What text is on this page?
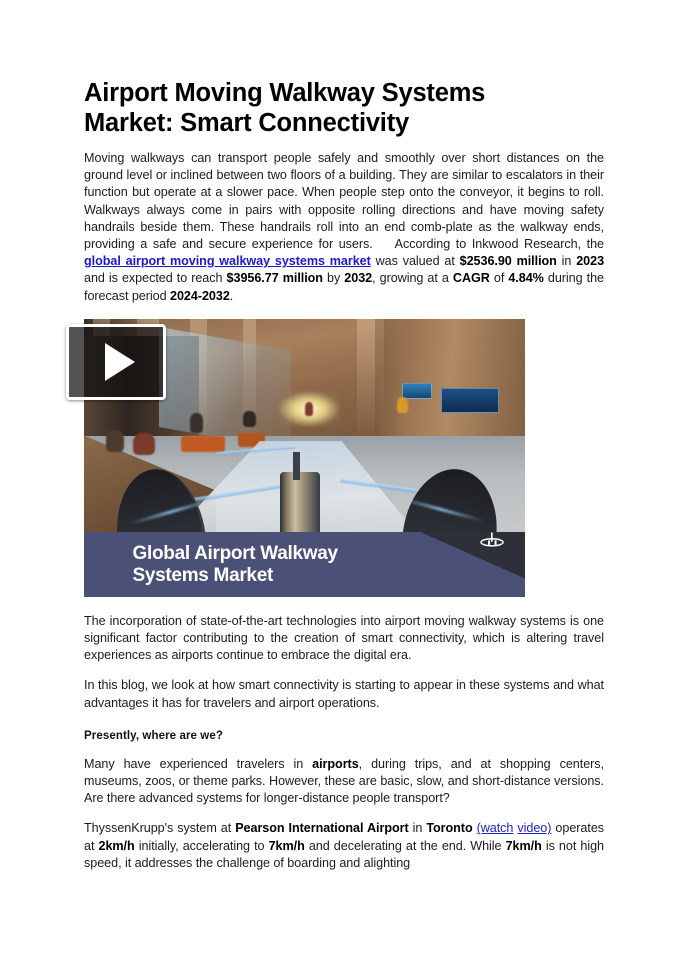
Airport Moving Walkway Systems
Market: Smart Connectivity

Moving walkways can transport people safely and smoothly over short distances on the ground level or inclined between two floors of a building. They are similar to escalators in their function but operate at a slower pace. When people step onto the conveyor, it begins to roll. Walkways always come in pairs with opposite rolling directions and have moving safety handrails beside them. These handrails roll into an end comb-plate as the walkway ends, providing a safe and secure experience for users. According to Inkwood Research, the global airport moving walkway systems market was valued at $2536.90 million in 2023 and is expected to reach $3956.77 million by 2032, growing at a CAGR of 4.84% during the forecast period 2024-2032.

Global Airport Walkway
Systems Market

The incorporation of state-of-the-art technologies into airport moving walkway systems is one significant factor contributing to the creation of smart connectivity, which is altering travel experiences as airports continue to embrace the digital era.

In this blog, we look at how smart connectivity is starting to appear in these systems and what advantages it has for travelers and airport operations.

Presently, where are we?

Many have experienced travelers in airports, during trips, and at shopping centers, museums, zoos, or theme parks. However, these are basic, slow, and short-distance versions. Are there advanced systems for longer-distance people transport?

ThyssenKrupp's system at Pearson International Airport in Toronto (watch video) operates at 2km/h initially, accelerating to 7km/h and decelerating at the end. While 7km/h is not high speed, it addresses the challenge of boarding and alighting
